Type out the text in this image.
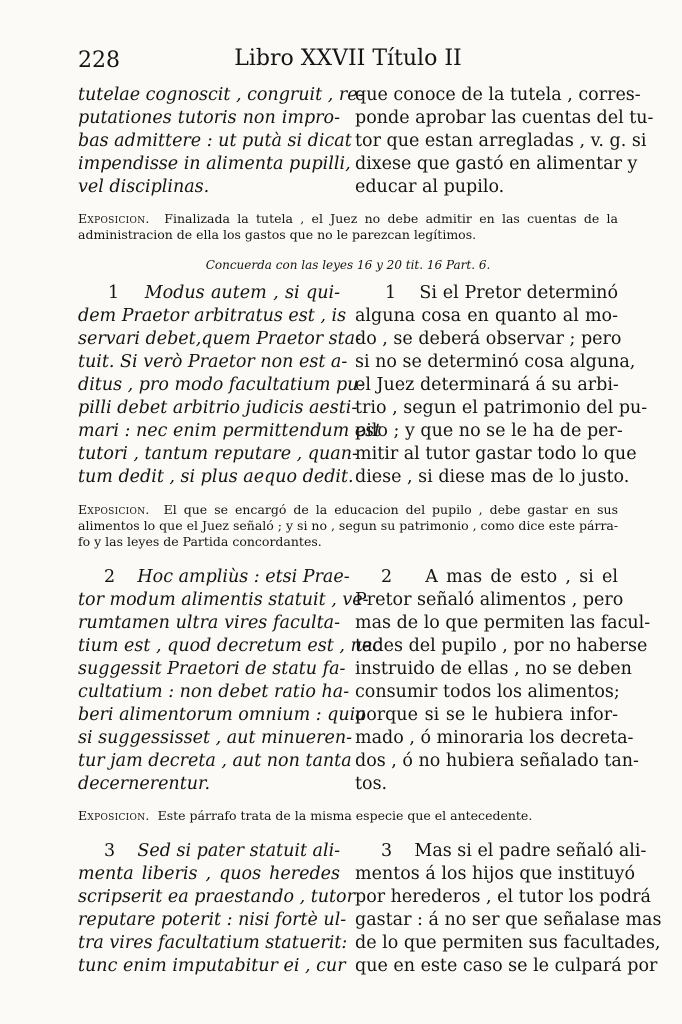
228	Libro XXVII Título II
tutelae cognoscit , congruit , re-
putationes tutoris non impro-
bas admittere : ut putà si dicat
impendisse in alimenta pupilli,
vel disciplinas.
que conoce de la tutela , corres-
ponde aprobar las cuentas del tu-
tor que estan arregladas , v. g. si
dixese que gastó en alimentar y
educar al pupilo.
Exposicion. Finalizada la tutela , el Juez no debe admitir en las cuentas de la
administracion de ella los gastos que no le parezcan legítimos.
Concuerda con las leyes 16 y 20 tit. 16 Part. 6.
1 Modus autem , si qui-
dem Praetor arbitratus est , is
servari debet,quem Praetor sta-
tuit. Si verò Praetor non est a-
ditus , pro modo facultatium pu-
pilli debet arbitrio judicis aesti-
mari : nec enim permittendum est
tutori , tantum reputare , quan-
tum dedit , si plus aequo dedit.
1 Si el Pretor determinó
alguna cosa en quanto al mo-
do , se deberá observar ; pero
si no se determinó cosa alguna,
el Juez determinará á su arbi-
trio , segun el patrimonio del pu-
pilo ; y que no se le ha de per-
mitir al tutor gastar todo lo que
diese , si diese mas de lo justo.
Exposicion. El que se encargó de la educacion del pupilo , debe gastar en sus
alimentos lo que el Juez señaló ; y si no , segun su patrimonio , como dice este párra-
fo y las leyes de Partida concordantes.
2 Hoc ampliùs : etsi Prae-
tor modum alimentis statuit , ve-
rumtamen ultra vires faculta-
tium est , quod decretum est , nec
suggessit Praetori de statu fa-
cultatium : non debet ratio ha-
beri alimentorum omnium : quia
si suggessisset , aut minueren-
tur jam decreta , aut non tanta
decernerentur.
2 A mas de esto , si el
Pretor señaló alimentos , pero
mas de lo que permiten las facul-
tades del pupilo , por no haberse
instruido de ellas , no se deben
consumir todos los alimentos;
porque si se le hubiera infor-
mado , ó minoraria los decreta-
dos , ó no hubiera señalado tan-
tos.
Exposicion. Este párrafo trata de la misma especie que el antecedente.
3 Sed si pater statuit ali-
menta liberis , quos heredes
scripserit ea praestando , tutor
reputare poterit : nisi fortè ul-
tra vires facultatium statuerit:
tunc enim imputabitur ei , cur
3 Mas si el padre señaló ali-
mentos á los hijos que instituyó
por herederos , el tutor los podrá
gastar : á no ser que señalase mas
de lo que permiten sus facultades,
que en este caso se le culpará por
